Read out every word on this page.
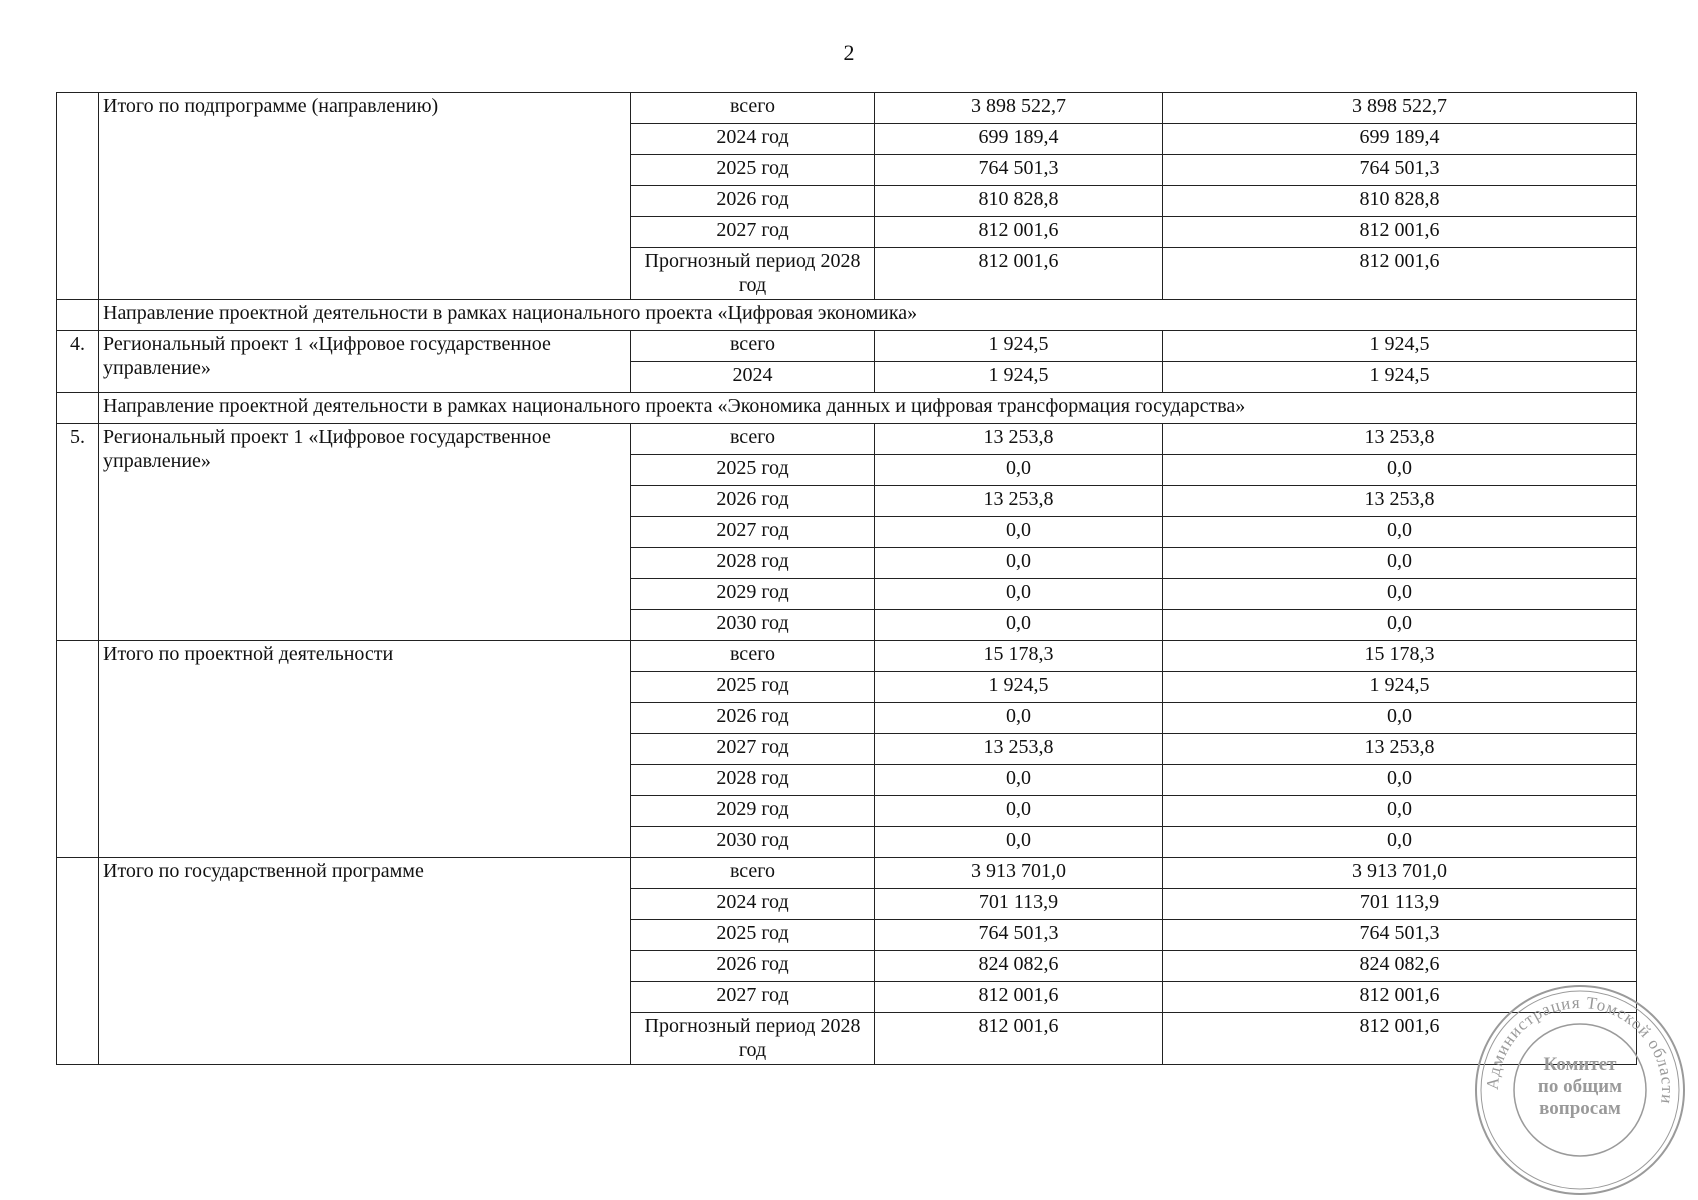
2
	Итого по подпрограмме (направлению)	всего	3 898 522,7	3 898 522,7
		2024 год	699 189,4	699 189,4
		2025 год	764 501,3	764 501,3
		2026 год	810 828,8	810 828,8
		2027 год	812 001,6	812 001,6
		Прогнозный период 2028 год	812 001,6	812 001,6
	Направление проектной деятельности в рамках национального проекта «Цифровая экономика»			
4.	Региональный проект 1 «Цифровое государственное управление»	всего	1 924,5	1 924,5
		2024	1 924,5	1 924,5
	Направление проектной деятельности в рамках национального проекта «Экономика данных и цифровая трансформация государства»			
5.	Региональный проект 1 «Цифровое государственное управление»	всего	13 253,8	13 253,8
		2025 год	0,0	0,0
		2026 год	13 253,8	13 253,8
		2027 год	0,0	0,0
		2028 год	0,0	0,0
		2029 год	0,0	0,0
		2030 год	0,0	0,0
	Итого по проектной деятельности	всего	15 178,3	15 178,3
		2025 год	1 924,5	1 924,5
		2026 год	0,0	0,0
		2027 год	13 253,8	13 253,8
		2028 год	0,0	0,0
		2029 год	0,0	0,0
		2030 год	0,0	0,0
	Итого по государственной программе	всего	3 913 701,0	3 913 701,0
		2024 год	701 113,9	701 113,9
		2025 год	764 501,3	764 501,3
		2026 год	824 082,6	824 082,6
		2027 год	812 001,6	812 001,6
		Прогнозный период 2028 год	812 001,6	812 001,6
Администрация Томской области
Комитет
по общим
вопросам
